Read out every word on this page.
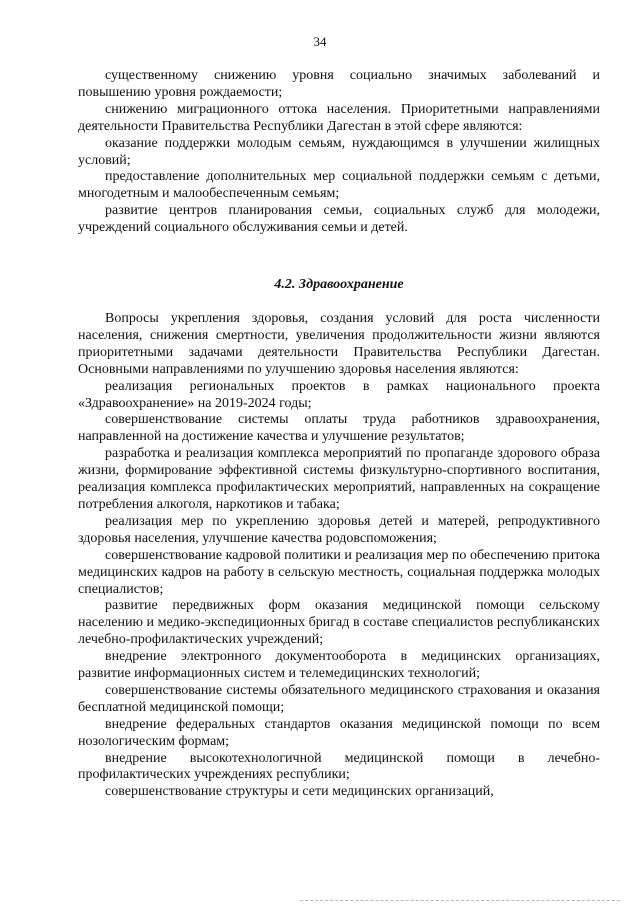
34

существенному снижению уровня социально значимых заболеваний и повышению уровня рождаемости;

снижению миграционного оттока населения. Приоритетными направлениями деятельности Правительства Республики Дагестан в этой сфере являются:

оказание поддержки молодым семьям, нуждающимся в улучшении жилищных условий;

предоставление дополнительных мер социальной поддержки семьям с детьми, многодетным и малообеспеченным семьям;

развитие центров планирования семьи, социальных служб для молодежи, учреждений социального обслуживания семьи и детей.

4.2. Здравоохранение

Вопросы укрепления здоровья, создания условий для роста численности населения, снижения смертности, увеличения продолжительности жизни являются приоритетными задачами деятельности Правительства Республики Дагестан. Основными направлениями по улучшению здоровья населения являются:

реализация региональных проектов в рамках национального проекта «Здравоохранение» на 2019-2024 годы;

совершенствование системы оплаты труда работников здравоохранения, направленной на достижение качества и улучшение результатов;

разработка и реализация комплекса мероприятий по пропаганде здорового образа жизни, формирование эффективной системы физкультурно-спортивного воспитания, реализация комплекса профилактических мероприятий, направленных на сокращение потребления алкоголя, наркотиков и табака;

реализация мер по укреплению здоровья детей и матерей, репродуктивного здоровья населения, улучшение качества родовспоможения;

совершенствование кадровой политики и реализация мер по обеспечению притока медицинских кадров на работу в сельскую местность, социальная поддержка молодых специалистов;

развитие передвижных форм оказания медицинской помощи сельскому населению и медико-экспедиционных бригад в составе специалистов республиканских лечебно-профилактических учреждений;

внедрение электронного документооборота в медицинских организациях, развитие информационных систем и телемедицинских технологий;

совершенствование системы обязательного медицинского страхования и оказания бесплатной медицинской помощи;

внедрение федеральных стандартов оказания медицинской помощи по всем нозологическим формам;

внедрение высокотехнологичной медицинской помощи в лечебно-профилактических учреждениях республики;

совершенствование структуры и сети медицинских организаций,
